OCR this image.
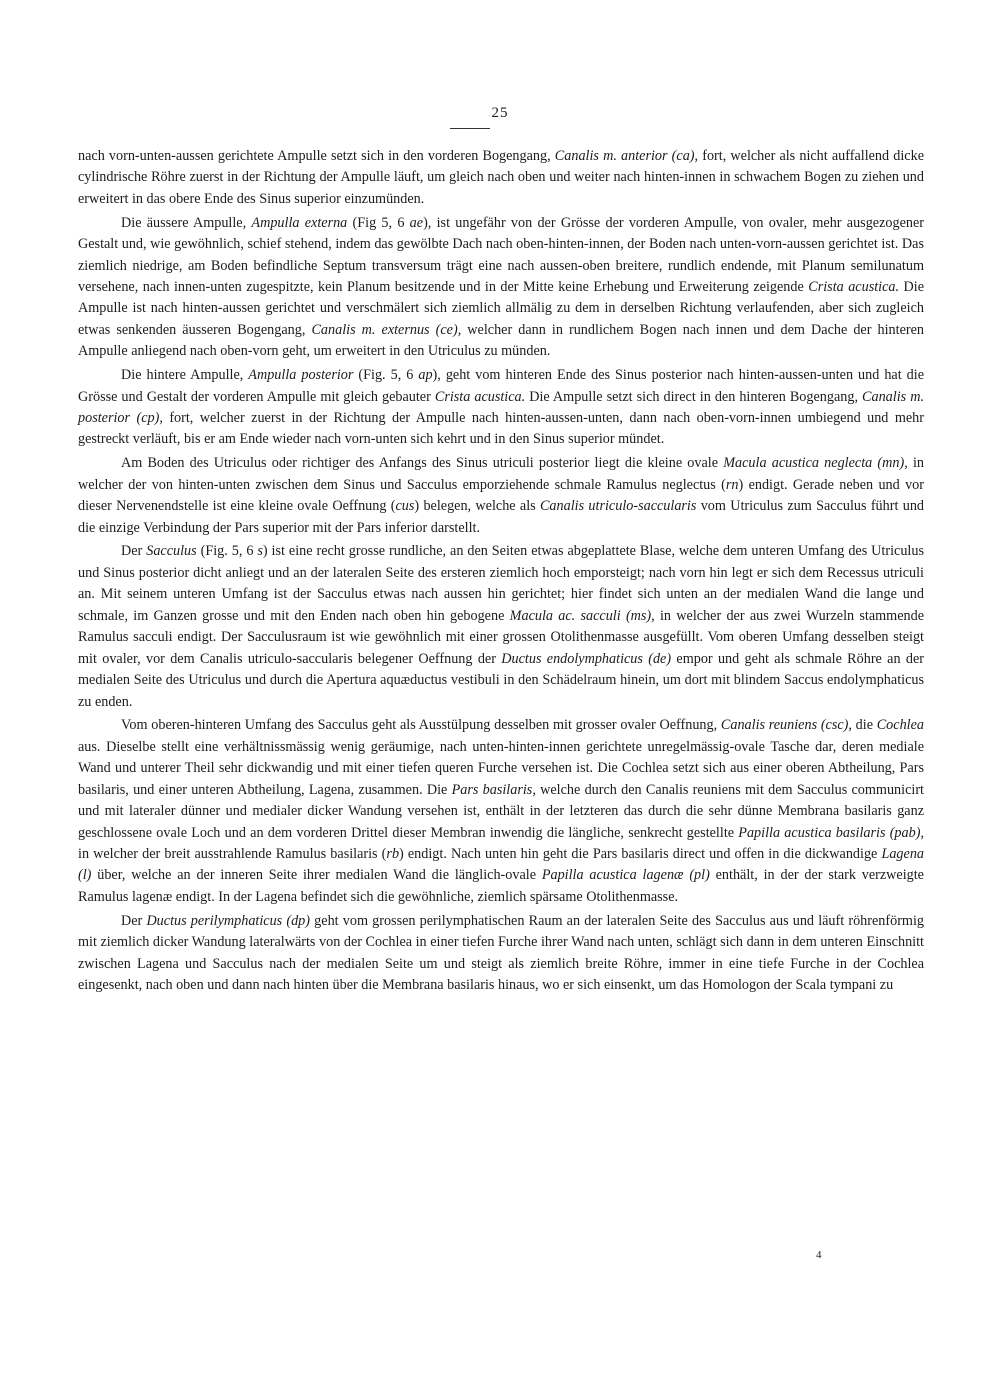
25

nach vorn-unten-aussen gerichtete Ampulle setzt sich in den vorderen Bogengang, Canalis m. anterior (ca), fort, welcher als nicht auffallend dicke cylindrische Röhre zuerst in der Richtung der Ampulle läuft, um gleich nach oben und weiter nach hinten-innen in schwachem Bogen zu ziehen und erweitert in das obere Ende des Sinus superior einzumünden.

Die äussere Ampulle, Ampulla externa (Fig 5, 6 ae), ist ungefähr von der Grösse der vorderen Ampulle, von ovaler, mehr ausgezogener Gestalt und, wie gewöhnlich, schief stehend, indem das gewölbte Dach nach oben-hinten-innen, der Boden nach unten-vorn-aussen gerichtet ist. Das ziemlich niedrige, am Boden befindliche Septum transversum trägt eine nach aussen-oben breitere, rundlich endende, mit Planum semilunatum versehene, nach innen-unten zugespitzte, kein Planum besitzende und in der Mitte keine Erhebung und Erweiterung zeigende Crista acustica. Die Ampulle ist nach hinten-aussen gerichtet und verschmälert sich ziemlich allmälig zu dem in derselben Richtung verlaufenden, aber sich zugleich etwas senkenden äusseren Bogengang, Canalis m. externus (ce), welcher dann in rundlichem Bogen nach innen und dem Dache der hinteren Ampulle anliegend nach oben-vorn geht, um erweitert in den Utriculus zu münden.

Die hintere Ampulle, Ampulla posterior (Fig. 5, 6 ap), geht vom hinteren Ende des Sinus posterior nach hinten-aussen-unten und hat die Grösse und Gestalt der vorderen Ampulle mit gleich gebauter Crista acustica. Die Ampulle setzt sich direct in den hinteren Bogengang, Canalis m. posterior (cp), fort, welcher zuerst in der Richtung der Ampulle nach hinten-aussen-unten, dann nach oben-vorn-innen umbiegend und mehr gestreckt verläuft, bis er am Ende wieder nach vorn-unten sich kehrt und in den Sinus superior mündet.

Am Boden des Utriculus oder richtiger des Anfangs des Sinus utriculi posterior liegt die kleine ovale Macula acustica neglecta (mn), in welcher der von hinten-unten zwischen dem Sinus und Sacculus emporziehende schmale Ramulus neglectus (rn) endigt. Gerade neben und vor dieser Nervenendstelle ist eine kleine ovale Oeffnung (cus) belegen, welche als Canalis utriculo-saccularis vom Utriculus zum Sacculus führt und die einzige Verbindung der Pars superior mit der Pars inferior darstellt.

Der Sacculus (Fig. 5, 6 s) ist eine recht grosse rundliche, an den Seiten etwas abgeplattete Blase, welche dem unteren Umfang des Utriculus und Sinus posterior dicht anliegt und an der lateralen Seite des ersteren ziemlich hoch emporsteigt; nach vorn hin legt er sich dem Recessus utriculi an. Mit seinem unteren Umfang ist der Sacculus etwas nach aussen hin gerichtet; hier findet sich unten an der medialen Wand die lange und schmale, im Ganzen grosse und mit den Enden nach oben hin gebogene Macula ac. sacculi (ms), in welcher der aus zwei Wurzeln stammende Ramulus sacculi endigt. Der Sacculusraum ist wie gewöhnlich mit einer grossen Otolithenmasse ausgefüllt. Vom oberen Umfang desselben steigt mit ovaler, vor dem Canalis utriculo-saccularis belegener Oeffnung der Ductus endolymphaticus (de) empor und geht als schmale Röhre an der medialen Seite des Utriculus und durch die Apertura aquæductus vestibuli in den Schädelraum hinein, um dort mit blindem Saccus endolymphaticus zu enden.

Vom oberen-hinteren Umfang des Sacculus geht als Ausstülpung desselben mit grosser ovaler Oeffnung, Canalis reuniens (csc), die Cochlea aus. Dieselbe stellt eine verhältnissmässig wenig geräumige, nach unten-hinten-innen gerichtete unregelmässig-ovale Tasche dar, deren mediale Wand und unterer Theil sehr dickwandig und mit einer tiefen queren Furche versehen ist. Die Cochlea setzt sich aus einer oberen Abtheilung, Pars basilaris, und einer unteren Abtheilung, Lagena, zusammen. Die Pars basilaris, welche durch den Canalis reuniens mit dem Sacculus communicirt und mit lateraler dünner und medialer dicker Wandung versehen ist, enthält in der letzteren das durch die sehr dünne Membrana basilaris ganz geschlossene ovale Loch und an dem vorderen Drittel dieser Membran inwendig die längliche, senkrecht gestellte Papilla acustica basilaris (pab), in welcher der breit ausstrahlende Ramulus basilaris (rb) endigt. Nach unten hin geht die Pars basilaris direct und offen in die dickwandige Lagena (l) über, welche an der inneren Seite ihrer medialen Wand die länglich-ovale Papilla acustica lagenæ (pl) enthält, in der der stark verzweigte Ramulus lagenæ endigt. In der Lagena befindet sich die gewöhnliche, ziemlich spärsame Otolithenmasse.

Der Ductus perilymphaticus (dp) geht vom grossen perilymphatischen Raum an der lateralen Seite des Sacculus aus und läuft röhrenförmig mit ziemlich dicker Wandung lateralwärts von der Cochlea in einer tiefen Furche ihrer Wand nach unten, schlägt sich dann in dem unteren Einschnitt zwischen Lagena und Sacculus nach der medialen Seite um und steigt als ziemlich breite Röhre, immer in eine tiefe Furche in der Cochlea eingesenkt, nach oben und dann nach hinten über die Membrana basilaris hinaus, wo er sich einsenkt, um das Homologon der Scala tympani zu

4
